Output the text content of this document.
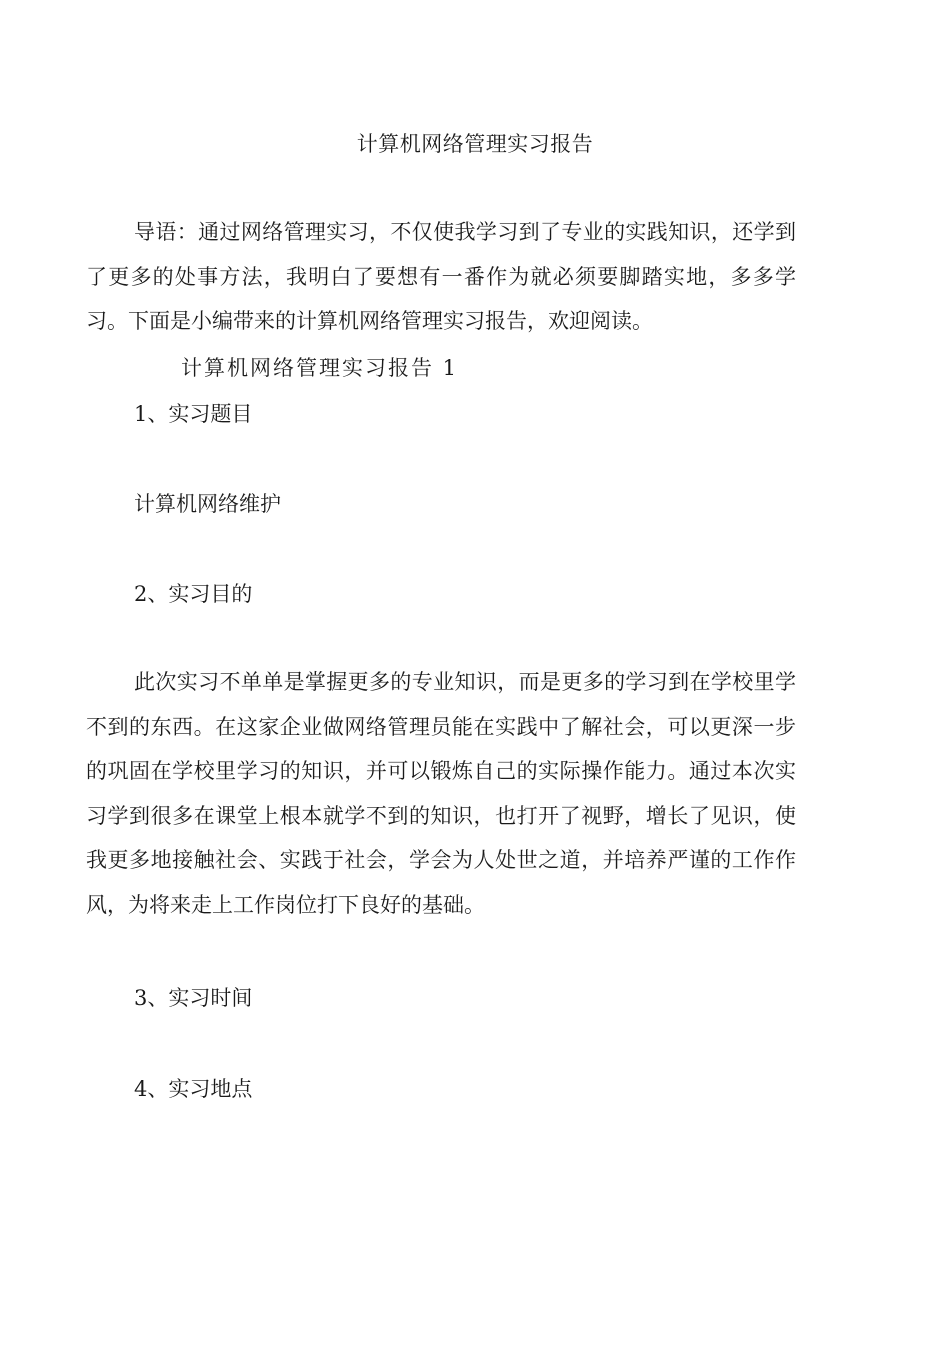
计算机网络管理实习报告
导语：通过网络管理实习，不仅使我学习到了专业的实践知识，还学到了更多的处事方法，我明白了要想有一番作为就必须要脚踏实地，多多学习。下面是小编带来的计算机网络管理实习报告，欢迎阅读。
计算机网络管理实习报告 1
1、实习题目
计算机网络维护
2、实习目的
此次实习不单单是掌握更多的专业知识，而是更多的学习到在学校里学不到的东西。在这家企业做网络管理员能在实践中了解社会，可以更深一步的巩固在学校里学习的知识，并可以锻炼自己的实际操作能力。通过本次实习学到很多在课堂上根本就学不到的知识，也打开了视野，增长了见识，使我更多地接触社会、实践于社会，学会为人处世之道，并培养严谨的工作作风，为将来走上工作岗位打下良好的基础。
3、实习时间
4、实习地点
